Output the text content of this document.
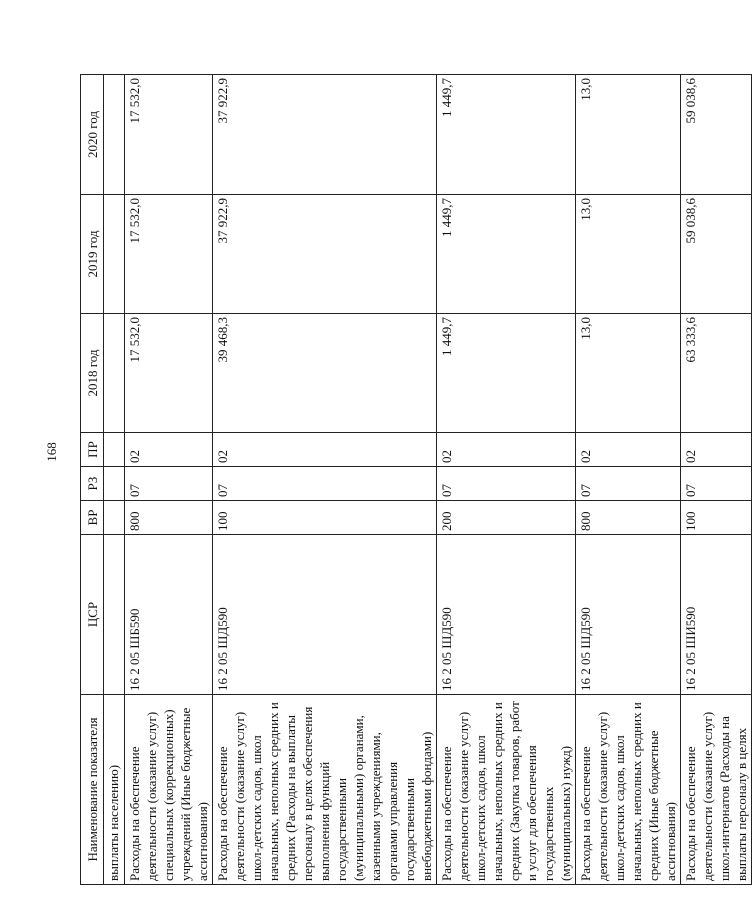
168
Наименование показателя	ЦСР	ВР	РЗ	ПР	2018 год	2019 год	2020 год
выплаты населению)							
Расходы на обеспечение деятельности (оказание услуг) специальных (коррекционных) учреждений (Иные бюджетные ассигнования)	16 2 05 ШБ590	800	07	02	17 532,0	17 532,0	17 532,0
Расходы на обеспечение деятельности (оказание услуг) школ-детских садов, школ начальных, неполных средних и средних (Расходы на выплаты персоналу в целях обеспечения выполнения функций государственными (муниципальными) органами, казенными учреждениями, органами управления государственными внебюджетными фондами)	16 2 05 ШД590	100	07	02	39 468,3	37 922,9	37 922,9
Расходы на обеспечение деятельности (оказание услуг) школ-детских садов, школ начальных, неполных средних и средних (Закупка товаров, работ и услуг для обеспечения государственных (муниципальных) нужд)	16 2 05 ШД590	200	07	02	1 449,7	1 449,7	1 449,7
Расходы на обеспечение деятельности (оказание услуг) школ-детских садов, школ начальных, неполных средних и средних (Иные бюджетные ассигнования)	16 2 05 ШД590	800	07	02	13,0	13,0	13,0
Расходы на обеспечение деятельности (оказание услуг) школ-интернатов (Расходы на выплаты персоналу в целях	16 2 05 ШИ590	100	07	02	63 333,6	59 038,6	59 038,6
